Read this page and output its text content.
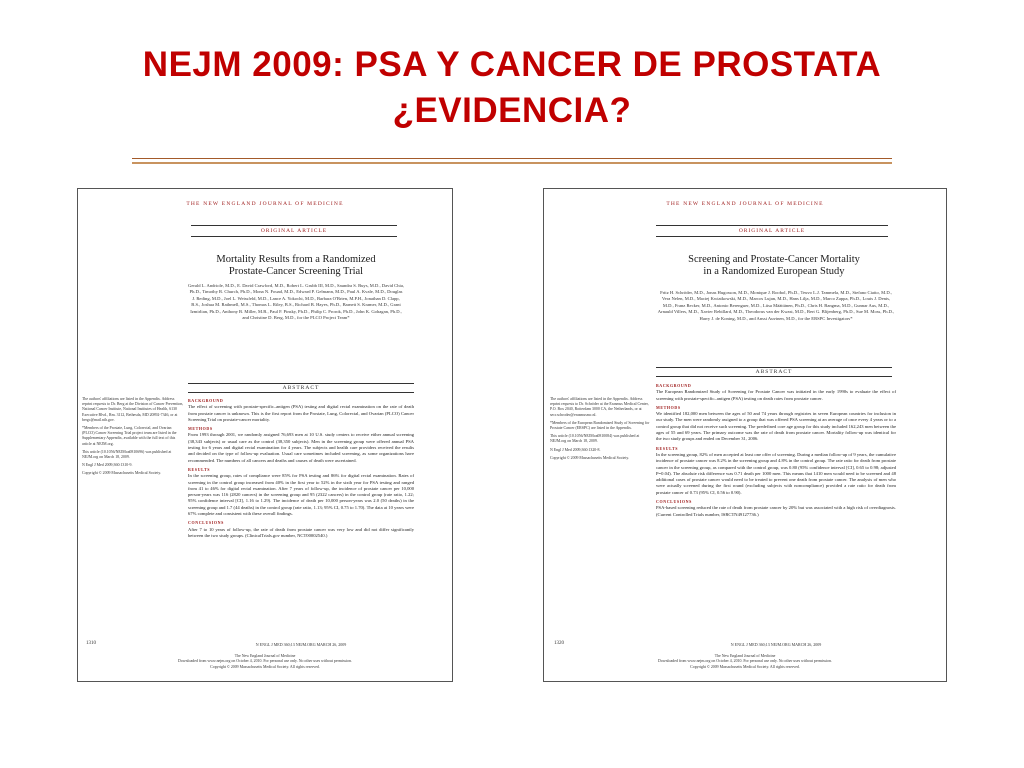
NEJM 2009: PSA Y CANCER DE PROSTATA
¿EVIDENCIA?
THE NEW ENGLAND JOURNAL OF MEDICINE
ORIGINAL ARTICLE
Mortality Results from a Randomized
Prostate-Cancer Screening Trial
Gerald L. Andriole, M.D., E. David Crawford, M.D., Robert L. Grubb III, M.D., Saundra S. Buys, M.D., David Chia, Ph.D., Timothy R. Church, Ph.D., Mona N. Fouad, M.D., Edward P. Gelmann, M.D., Paul A. Kvale, M.D., Douglas J. Reding, M.D., Joel L. Weissfeld, M.D., Lance A. Yokochi, M.D., Barbara O'Brien, M.P.H., Jonathan D. Clapp, B.S., Joshua M. Rathmell, M.S., Thomas L. Riley, B.S., Richard B. Hayes, Ph.D., Barnett S. Kramer, M.D., Grant Izmirlian, Ph.D., Anthony B. Miller, M.B., Paul F. Pinsky, Ph.D., Philip C. Prorok, Ph.D., John K. Gohagan, Ph.D., and Christine D. Berg, M.D., for the PLCO Project Team*
ABSTRACT

The authors' affiliations are listed in the Appendix. Address reprint requests to Dr. Berg at the Division of Cancer Prevention, National Cancer Institute, National Institutes of Health, 6130 Executive Blvd., Rm. 3112, Bethesda, MD 20892-7346, or at bergc@mail.nih.gov.

*Members of the Prostate, Lung, Colorectal, and Ovarian (PLCO) Cancer Screening Trial project team are listed in the Supplementary Appendix, available with the full text of this article at NEJM.org.

This article (10.1056/NEJMoa0810696) was published at NEJM.org on March 18, 2009.

N Engl J Med 2009;360:1310-9.

Copyright © 2009 Massachusetts Medical Society.

BACKGROUND
The effect of screening with prostate-specific–antigen (PSA) testing and digital rectal examination on the rate of death from prostate cancer is unknown. This is the first report from the Prostate, Lung, Colorectal, and Ovarian (PLCO) Cancer Screening Trial on prostate-cancer mortality.
METHODS
From 1993 through 2001, we randomly assigned 76,693 men at 10 U.S. study centers to receive either annual screening (38,343 subjects) or usual care as the control (38,350 subjects). Men in the screening group were offered annual PSA testing for 6 years and digital rectal examination for 4 years. The subjects and health care providers received the results and decided on the type of follow-up evaluation. Usual care sometimes included screening, as some organizations have recommended. The numbers of all cancers and deaths and causes of death were ascertained.
RESULTS
In the screening group, rates of compliance were 85% for PSA testing and 86% for digital rectal examination. Rates of screening in the control group increased from 40% in the first year to 52% in the sixth year for PSA testing and ranged from 41 to 46% for digital rectal examination. After 7 years of follow-up, the incidence of prostate cancer per 10,000 person-years was 116 (2820 cancers) in the screening group and 95 (2322 cancers) in the control group (rate ratio, 1.22; 95% confidence interval [CI], 1.16 to 1.29). The incidence of death per 10,000 person-years was 2.0 (50 deaths) in the screening group and 1.7 (44 deaths) in the control group (rate ratio, 1.13; 95% CI, 0.75 to 1.70). The data at 10 years were 67% complete and consistent with these overall findings.
CONCLUSIONS
After 7 to 10 years of follow-up, the rate of death from prostate cancer was very low and did not differ significantly between the two study groups. (ClinicalTrials.gov number, NCT00002540.)
1310	N ENGL J MED 360;13 NEJM.ORG MARCH 26, 2009
The New England Journal of Medicine
Downloaded from www.nejm.org on October 4, 2010. For personal use only. No other uses without permission.
Copyright © 2009 Massachusetts Medical Society. All rights reserved.
THE NEW ENGLAND JOURNAL OF MEDICINE
ORIGINAL ARTICLE
Screening and Prostate-Cancer Mortality
in a Randomized European Study
Fritz H. Schröder, M.D., Jonas Hugosson, M.D., Monique J. Roobol, Ph.D., Teuvo L.J. Tammela, M.D., Stefano Ciatto, M.D., Vera Nelen, M.D., Maciej Kwiatkowski, M.D., Marcos Lujan, M.D., Hans Lilja, M.D., Marco Zappa, Ph.D., Louis J. Denis, M.D., Franz Recker, M.D., Antonio Berenguer, M.D., Liisa Määttänen, Ph.D., Chris H. Bangma, M.D., Gunnar Aus, M.D., Arnauld Villers, M.D., Xavier Rebillard, M.D., Theodorus van der Kwast, M.D., Bert G. Blijenberg, Ph.D., Sue M. Moss, Ph.D., Harry J. de Koning, M.D., and Anssi Auvinen, M.D., for the ERSPC Investigators*
ABSTRACT

The authors' affiliations are listed in the Appendix. Address reprint requests to Dr. Schröder at the Erasmus Medical Center, P.O. Box 2040, Rotterdam 3000 CA, the Netherlands, or at secr.schroder@erasmusmc.nl.

*Members of the European Randomized Study of Screening for Prostate Cancer (ERSPC) are listed in the Appendix.

This article (10.1056/NEJMoa0810084) was published at NEJM.org on March 18, 2009.

N Engl J Med 2009;360:1320-8.

Copyright © 2009 Massachusetts Medical Society.

BACKGROUND
The European Randomized Study of Screening for Prostate Cancer was initiated in the early 1990s to evaluate the effect of screening with prostate-specific–antigen (PSA) testing on death rates from prostate cancer.
METHODS
We identified 182,000 men between the ages of 50 and 74 years through registries in seven European countries for inclusion in our study. The men were randomly assigned to a group that was offered PSA screening at an average of once every 4 years or to a control group that did not receive such screening. The predefined core age group for this study included 162,243 men between the ages of 55 and 69 years. The primary outcome was the rate of death from prostate cancer. Mortality follow-up was identical for the two study groups and ended on December 31, 2006.
RESULTS
In the screening group, 82% of men accepted at least one offer of screening. During a median follow-up of 9 years, the cumulative incidence of prostate cancer was 8.2% in the screening group and 4.8% in the control group. The rate ratio for death from prostate cancer in the screening group, as compared with the control group, was 0.80 (95% confidence interval [CI], 0.65 to 0.98; adjusted P=0.04). The absolute risk difference was 0.71 death per 1000 men. This means that 1410 men would need to be screened and 48 additional cases of prostate cancer would need to be treated to prevent one death from prostate cancer. The analysis of men who were actually screened during the first round (excluding subjects with noncompliance) provided a rate ratio for death from prostate cancer of 0.73 (95% CI, 0.56 to 0.90).
CONCLUSIONS
PSA-based screening reduced the rate of death from prostate cancer by 20% but was associated with a high risk of overdiagnosis. (Current Controlled Trials number, ISRCTN49127736.)
1320	N ENGL J MED 360;13 NEJM.ORG MARCH 26, 2009
The New England Journal of Medicine
Downloaded from www.nejm.org on October 4, 2010. For personal use only. No other uses without permission.
Copyright © 2009 Massachusetts Medical Society. All rights reserved.
